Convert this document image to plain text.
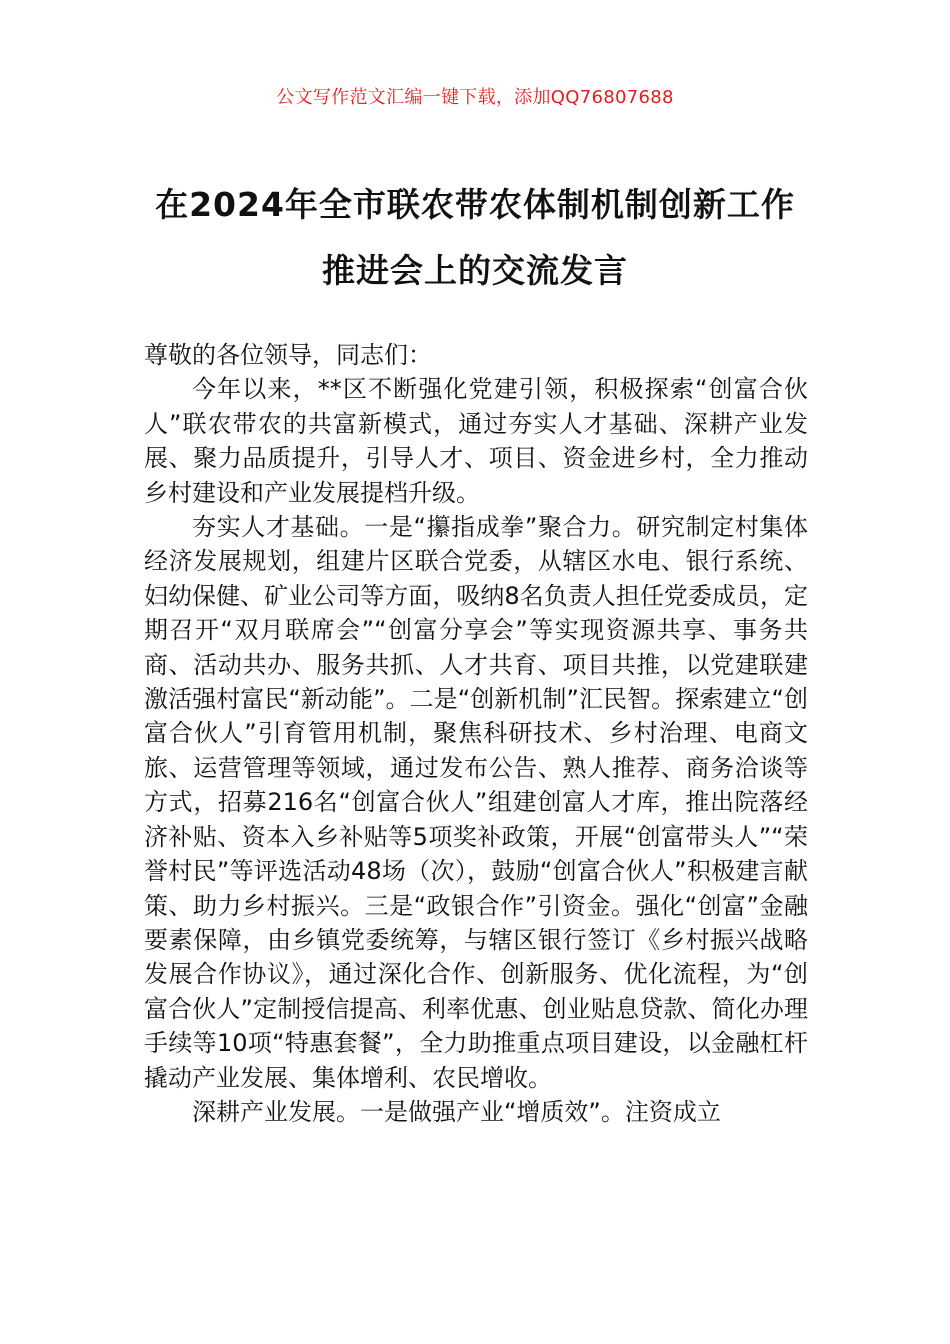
公文写作范文汇编一键下载，添加QQ76807688
在2024年全市联农带农体制机制创新工作
推进会上的交流发言

尊敬的各位领导，同志们：

今年以来，**区不断强化党建引领，积极探索“创富合伙人”联农带农的共富新模式，通过夯实人才基础、深耕产业发展、聚力品质提升，引导人才、项目、资金进乡村，全力推动乡村建设和产业发展提档升级。

夯实人才基础。一是“攥指成拳”聚合力。研究制定村集体经济发展规划，组建片区联合党委，从辖区水电、银行系统、妇幼保健、矿业公司等方面，吸纳8名负责人担任党委成员，定期召开“双月联席会”“创富分享会”等实现资源共享、事务共商、活动共办、服务共抓、人才共育、项目共推，以党建联建激活强村富民“新动能”。二是“创新机制”汇民智。探索建立“创富合伙人”引育管用机制，聚焦科研技术、乡村治理、电商文旅、运营管理等领域，通过发布公告、熟人推荐、商务洽谈等方式，招募216名“创富合伙人”组建创富人才库，推出院落经济补贴、资本入乡补贴等5项奖补政策，开展“创富带头人”“荣誉村民”等评选活动48场（次），鼓励“创富合伙人”积极建言献策、助力乡村振兴。三是“政银合作”引资金。强化“创富”金融要素保障，由乡镇党委统筹，与辖区银行签订《乡村振兴战略发展合作协议》，通过深化合作、创新服务、优化流程，为“创富合伙人”定制授信提高、利率优惠、创业贴息贷款、简化办理手续等10项“特惠套餐”，全力助推重点项目建设，以金融杠杆撬动产业发展、集体增利、农民增收。

深耕产业发展。一是做强产业“增质效”。注资成立
